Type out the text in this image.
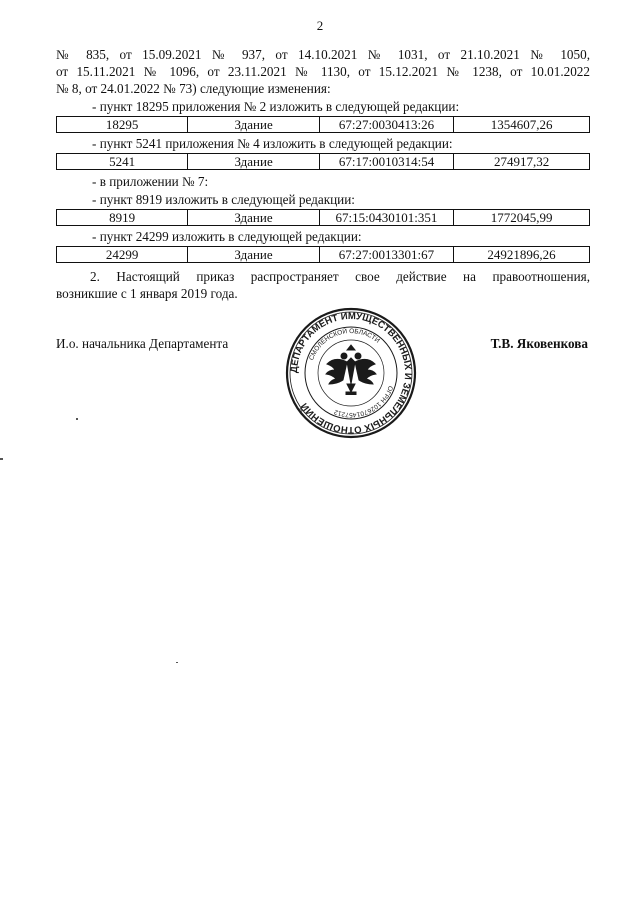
2
№ 835, от 15.09.2021 № 937, от 14.10.2021 № 1031, от 21.10.2021 № 1050,
от 15.11.2021 № 1096, от 23.11.2021 № 1130, от 15.12.2021 № 1238, от 10.01.2022
№ 8, от 24.01.2022 № 73) следующие изменения:
- пункт 18295 приложения № 2 изложить в следующей редакции:
18295	Здание	67:27:0030413:26	1354607,26
- пункт 5241 приложения № 4 изложить в следующей редакции:
5241	Здание	67:17:0010314:54	274917,32
- в приложении № 7:
- пункт 8919 изложить в следующей редакции:
8919	Здание	67:15:0430101:351	1772045,99
- пункт 24299 изложить в следующей редакции:
24299	Здание	67:27:0013301:67	24921896,26
2. Настоящий приказ распространяет свое действие на правоотношения,
возникшие с 1 января 2019 года.
И.о. начальника Департамента	Т.В. Яковенкова
ДЕПАРТАМЕНТ ИМУЩЕСТВЕННЫХ И ЗЕМЕЛЬНЫХ ОТНОШЕНИЙ
СМОЛЕНСКОЙ ОБЛАСТИ
ОГРН 1026701457212
